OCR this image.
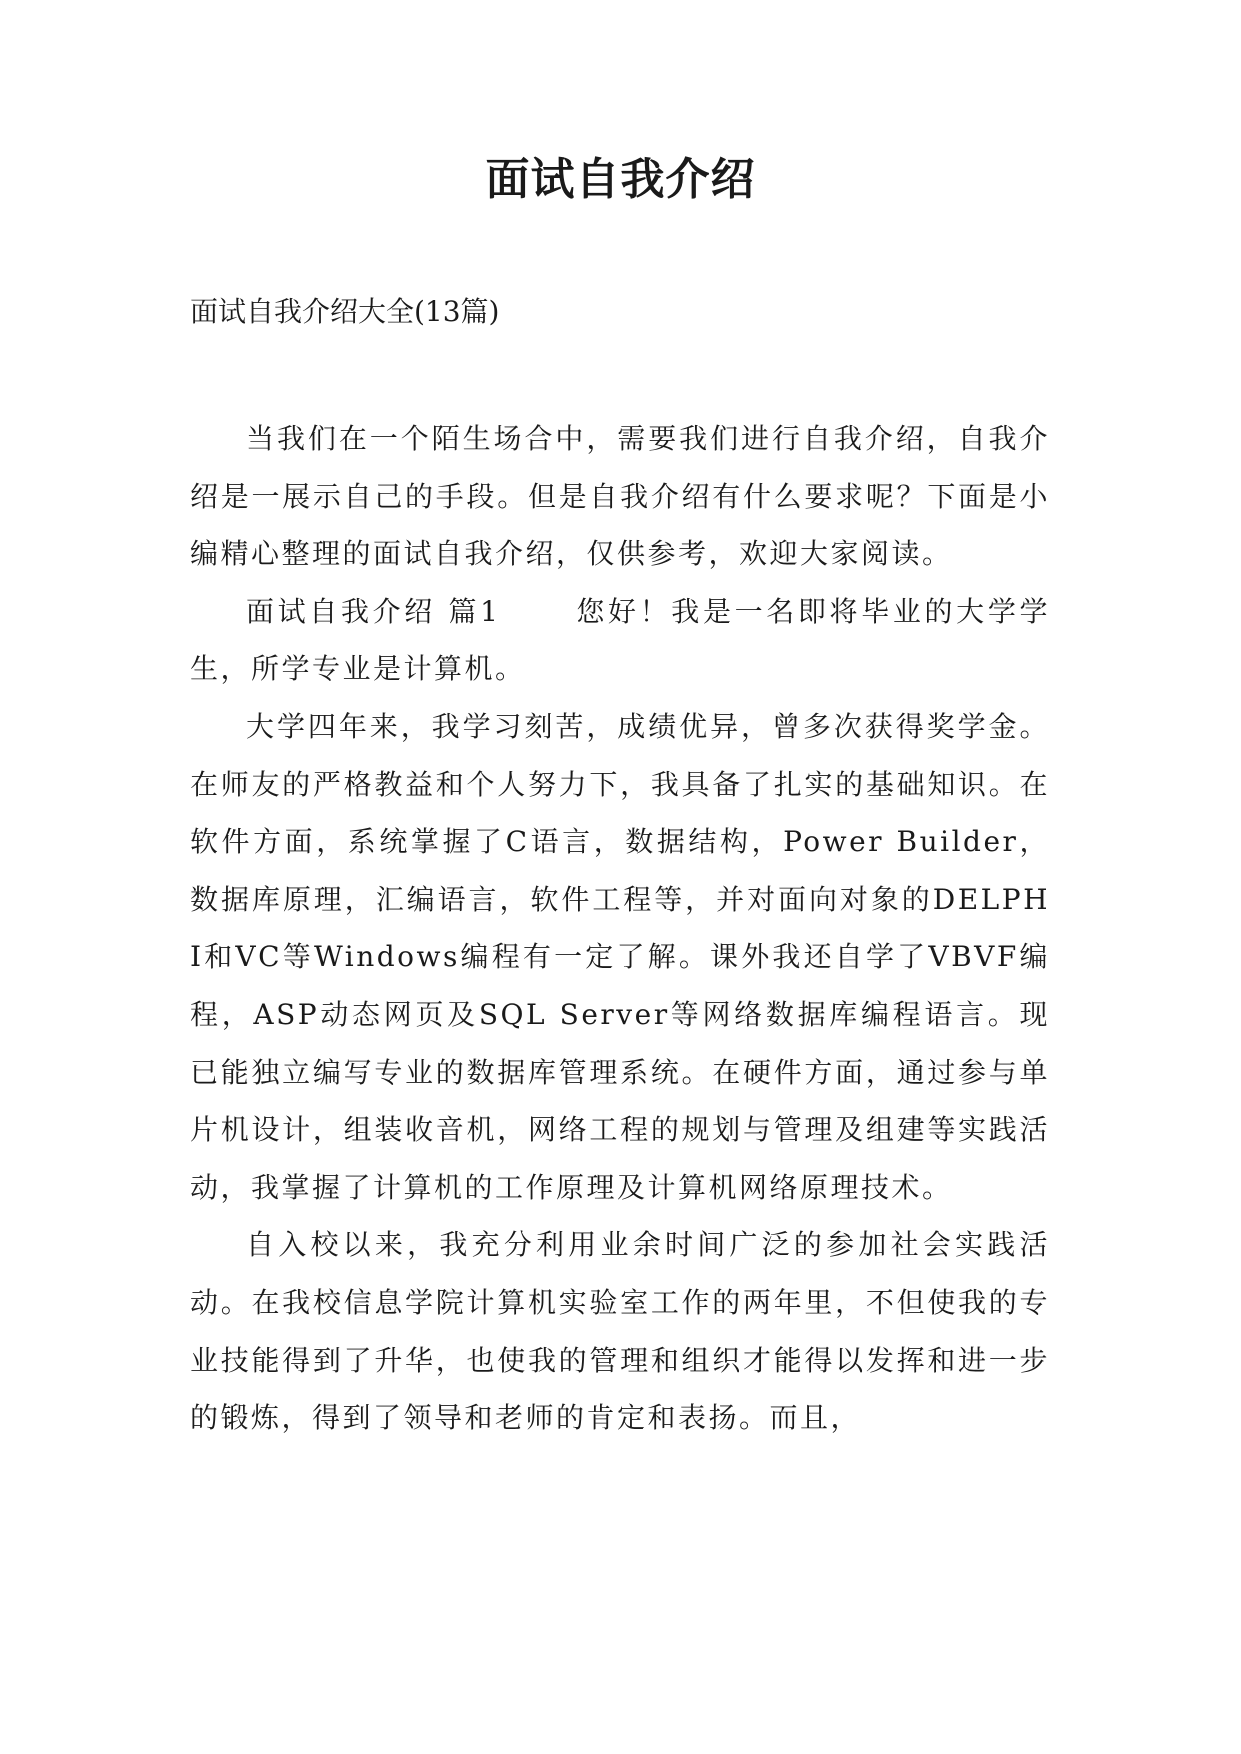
面试自我介绍

面试自我介绍大全(13篇)

当我们在一个陌生场合中，需要我们进行自我介绍，自我介绍是一展示自己的手段。但是自我介绍有什么要求呢？下面是小编精心整理的面试自我介绍，仅供参考，欢迎大家阅读。

面试自我介绍 篇1 　　您好！我是一名即将毕业的大学学生，所学专业是计算机。

大学四年来，我学习刻苦，成绩优异，曾多次获得奖学金。在师友的严格教益和个人努力下，我具备了扎实的基础知识。在软件方面，系统掌握了C语言，数据结构，Power Builder，数据库原理，汇编语言，软件工程等，并对面向对象的DELPHI和VC等Windows编程有一定了解。课外我还自学了VBVF编程，ASP动态网页及SQL Server等网络数据库编程语言。现已能独立编写专业的数据库管理系统。在硬件方面，通过参与单片机设计，组装收音机，网络工程的规划与管理及组建等实践活动，我掌握了计算机的工作原理及计算机网络原理技术。

自入校以来，我充分利用业余时间广泛的参加社会实践活动。在我校信息学院计算机实验室工作的两年里，不但使我的专业技能得到了升华，也使我的管理和组织才能得以发挥和进一步的锻炼，得到了领导和老师的肯定和表扬。而且，
